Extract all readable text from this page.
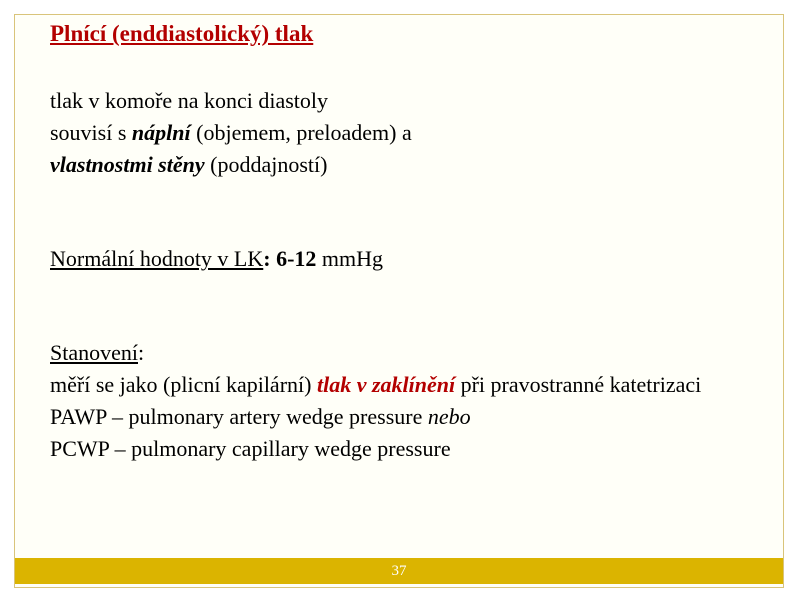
Plnící (enddiastolický) tlak
tlak v komoře na konci diastoly
souvisí s náplní (objemem, preloadem) a
vlastnostmi stěny (poddajností)
Normální hodnoty v LK: 6-12 mmHg
Stanovení:
měří se jako (plicní kapilární) tlak v zaklínění při pravostranné katetrizaci
PAWP – pulmonary artery wedge pressure nebo
PCWP – pulmonary capillary wedge pressure
37
